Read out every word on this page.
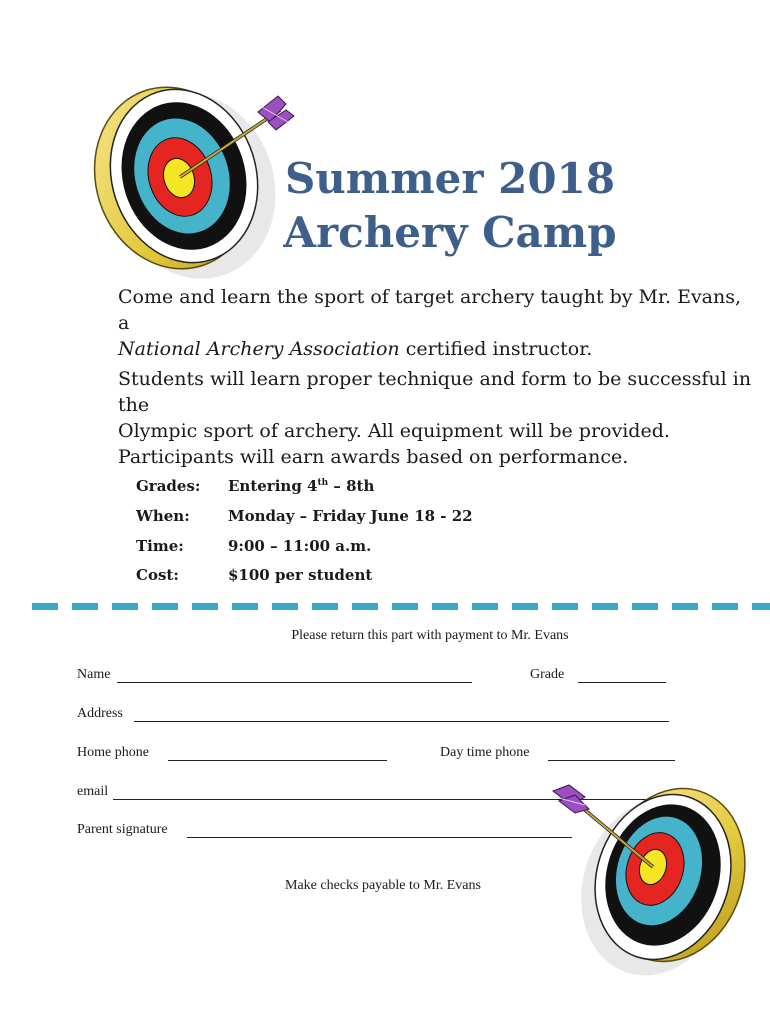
Summer 2018
Archery Camp
Come and learn the sport of target archery taught by Mr. Evans, a
National Archery Association certified instructor.
Students will learn proper technique and form to be successful in the
Olympic sport of archery. All equipment will be provided.
Participants will earn awards based on performance.
Grades: Entering 4th – 8th
When:	Monday – Friday June 18 - 22
Time:	9:00 – 11:00 a.m.
Cost:	$100 per student
Please return this part with payment to Mr. Evans
Name	Grade
Address
Home phone	Day time phone
email
Parent signature
Make checks payable to Mr. Evans
